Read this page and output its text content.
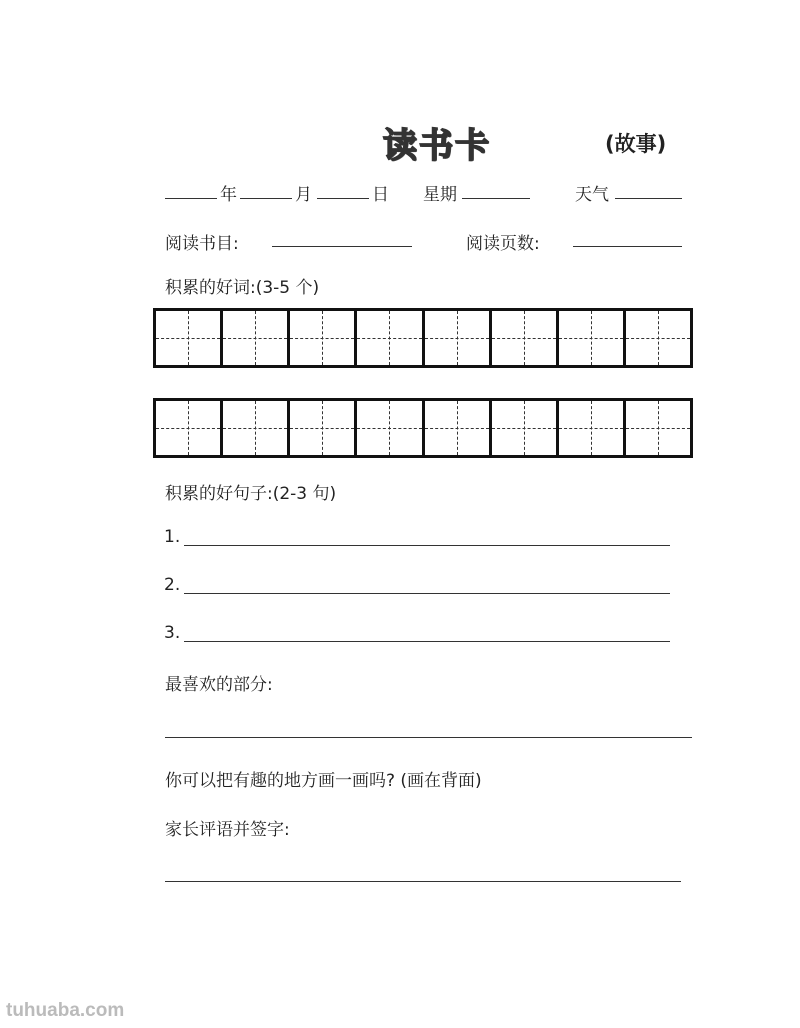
读书卡	(故事)
年	月	日 星期	天气
阅读书目:	阅读页数:
积累的好词:(3-5 个)
积累的好句子:(2-3 句)
1.
2.
3.
最喜欢的部分:
你可以把有趣的地方画一画吗? (画在背面)
家长评语并签字:
tuhuaba.com
